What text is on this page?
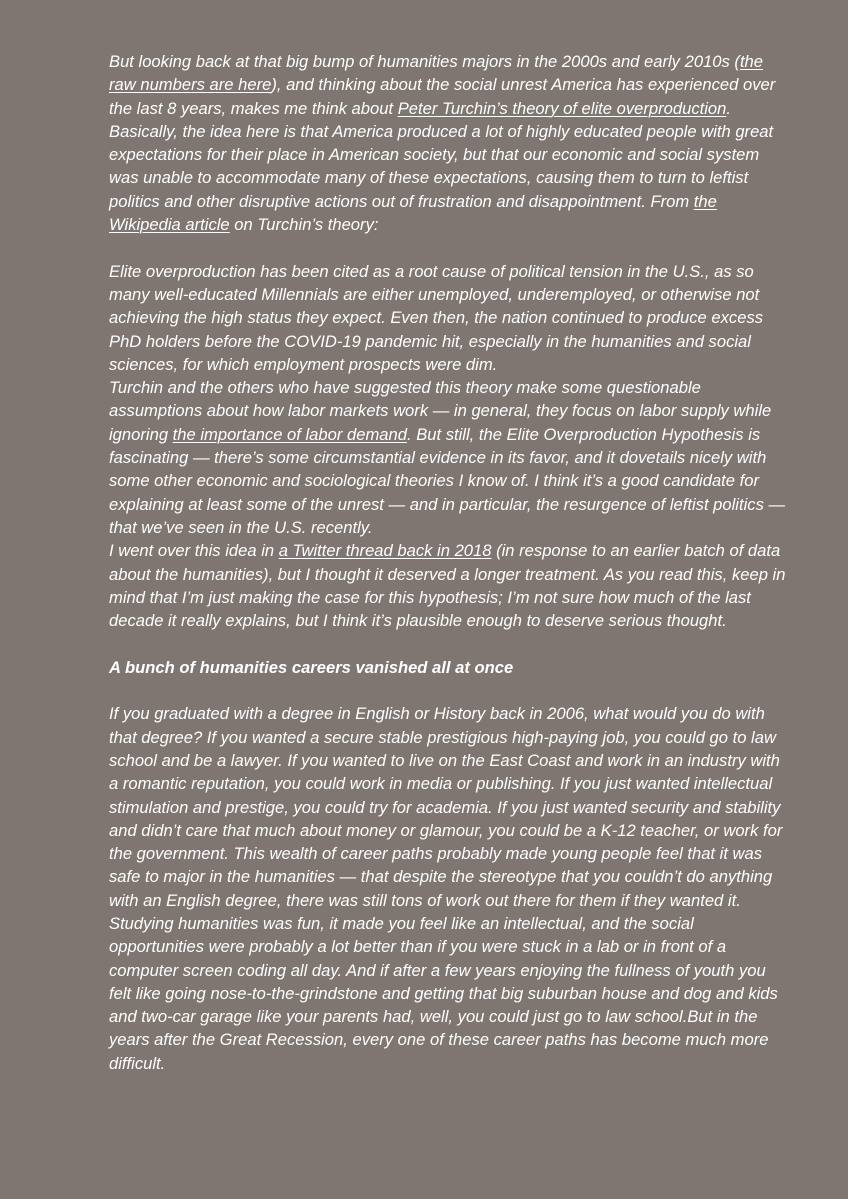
But looking back at that big bump of humanities majors in the 2000s and early 2010s (the raw numbers are here), and thinking about the social unrest America has experienced over the last 8 years, makes me think about Peter Turchin’s theory of elite overproduction. Basically, the idea here is that America produced a lot of highly educated people with great expectations for their place in American society, but that our economic and social system was unable to accommodate many of these expectations, causing them to turn to leftist politics and other disruptive actions out of frustration and disappointment. From the Wikipedia article on Turchin’s theory:

Elite overproduction has been cited as a root cause of political tension in the U.S., as so many well-educated Millennials are either unemployed, underemployed, or otherwise not achieving the high status they expect. Even then, the nation continued to produce excess PhD holders before the COVID-19 pandemic hit, especially in the humanities and social sciences, for which employment prospects were dim.

Turchin and the others who have suggested this theory make some questionable assumptions about how labor markets work — in general, they focus on labor supply while ignoring the importance of labor demand. But still, the Elite Overproduction Hypothesis is fascinating — there’s some circumstantial evidence in its favor, and it dovetails nicely with some other economic and sociological theories I know of. I think it’s a good candidate for explaining at least some of the unrest — and in particular, the resurgence of leftist politics — that we’ve seen in the U.S. recently.

I went over this idea in a Twitter thread back in 2018 (in response to an earlier batch of data about the humanities), but I thought it deserved a longer treatment. As you read this, keep in mind that I’m just making the case for this hypothesis; I’m not sure how much of the last decade it really explains, but I think it’s plausible enough to deserve serious thought.

A bunch of humanities careers vanished all at once

If you graduated with a degree in English or History back in 2006, what would you do with that degree? If you wanted a secure stable prestigious high-paying job, you could go to law school and be a lawyer. If you wanted to live on the East Coast and work in an industry with a romantic reputation, you could work in media or publishing. If you just wanted intellectual stimulation and prestige, you could try for academia. If you just wanted security and stability and didn’t care that much about money or glamour, you could be a K-12 teacher, or work for the government. This wealth of career paths probably made young people feel that it was safe to major in the humanities — that despite the stereotype that you couldn’t do anything with an English degree, there was still tons of work out there for them if they wanted it. Studying humanities was fun, it made you feel like an intellectual, and the social opportunities were probably a lot better than if you were stuck in a lab or in front of a computer screen coding all day. And if after a few years enjoying the fullness of youth you felt like going nose-to-the-grindstone and getting that big suburban house and dog and kids and two-car garage like your parents had, well, you could just go to law school.But in the years after the Great Recession, every one of these career paths has become much more difficult.
